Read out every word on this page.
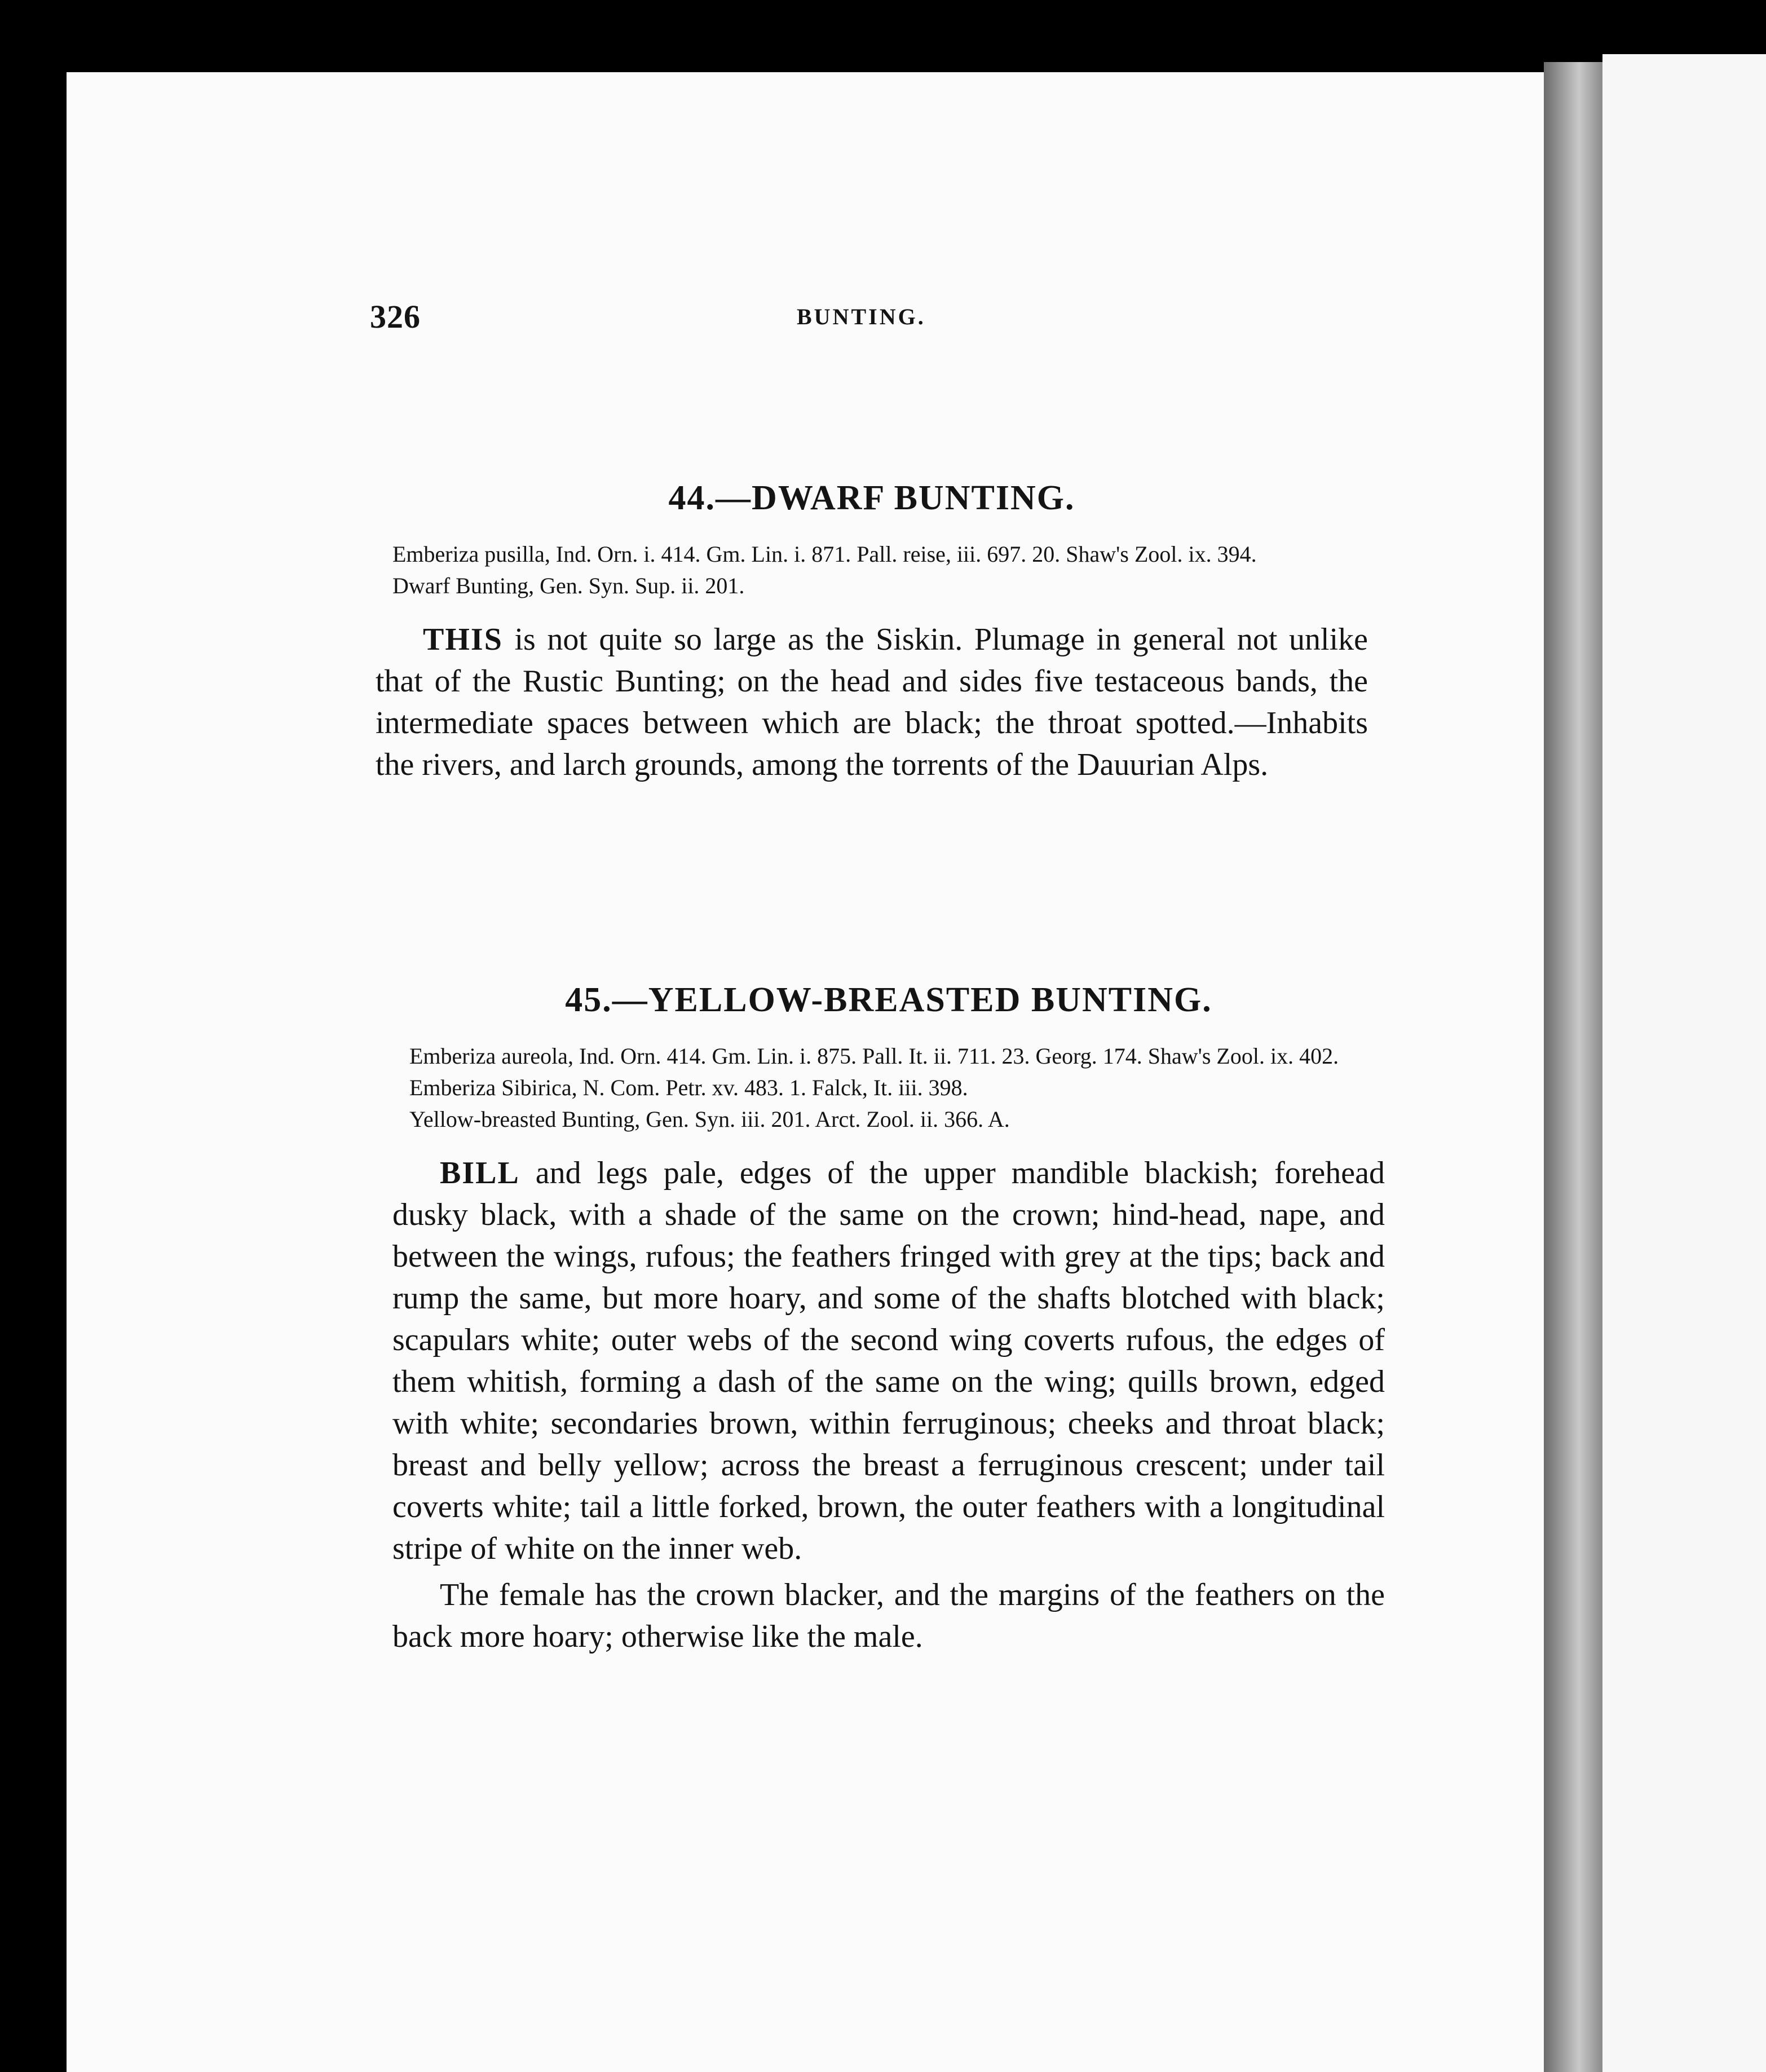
326	BUNTING.
44.—DWARF BUNTING.
Emberiza pusilla, Ind. Orn. i. 414. Gm. Lin. i. 871. Pall. reise, iii. 697. 20. Shaw's Zool. ix. 394.
Dwarf Bunting, Gen. Syn. Sup. ii. 201.

THIS is not quite so large as the Siskin. Plumage in general not unlike that of the Rustic Bunting; on the head and sides five testaceous bands, the intermediate spaces between which are black; the throat spotted.—Inhabits the rivers, and larch grounds, among the torrents of the Dauurian Alps.

45.—YELLOW-BREASTED BUNTING.
Emberiza aureola, Ind. Orn. 414. Gm. Lin. i. 875. Pall. It. ii. 711. 23. Georg. 174. Shaw's Zool. ix. 402.
Emberiza Sibirica, N. Com. Petr. xv. 483. 1. Falck, It. iii. 398.
Yellow-breasted Bunting, Gen. Syn. iii. 201. Arct. Zool. ii. 366. A.

BILL and legs pale, edges of the upper mandible blackish; forehead dusky black, with a shade of the same on the crown; hind-head, nape, and between the wings, rufous; the feathers fringed with grey at the tips; back and rump the same, but more hoary, and some of the shafts blotched with black; scapulars white; outer webs of the second wing coverts rufous, the edges of them whitish, forming a dash of the same on the wing; quills brown, edged with white; secondaries brown, within ferruginous; cheeks and throat black; breast and belly yellow; across the breast a ferruginous crescent; under tail coverts white; tail a little forked, brown, the outer feathers with a longitudinal stripe of white on the inner web.
The female has the crown blacker, and the margins of the feathers on the back more hoary; otherwise like the male.
